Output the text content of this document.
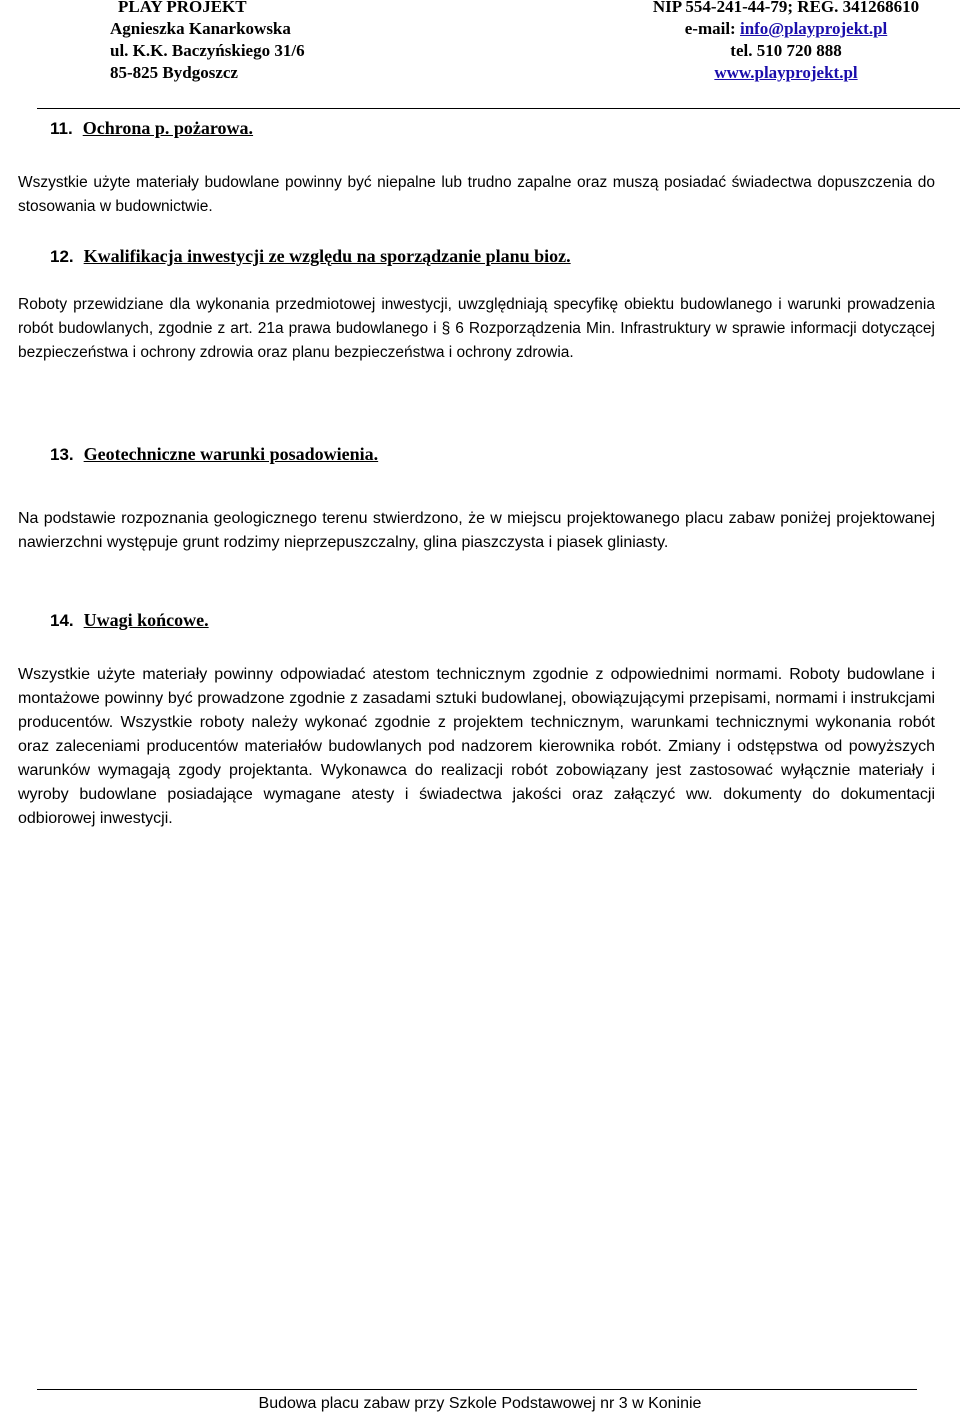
PLAY PROJEKT
Agnieszka Kanarkowska
ul. K.K. Baczyńskiego 31/6
85-825 Bydgoszcz
NIP 554-241-44-79; REG. 341268610
e-mail: info@playprojekt.pl
tel. 510 720 888
www.playprojekt.pl
11. Ochrona p. pożarowa.
Wszystkie użyte materiały budowlane powinny być niepalne lub trudno zapalne oraz muszą posiadać świadectwa dopuszczenia do stosowania w budownictwie.
12. Kwalifikacja inwestycji ze względu na sporządzanie planu bioz.
Roboty przewidziane dla wykonania przedmiotowej inwestycji, uwzględniają specyfikę obiektu budowlanego i warunki prowadzenia robót budowlanych, zgodnie z art. 21a prawa budowlanego i § 6 Rozporządzenia Min. Infrastruktury w sprawie informacji dotyczącej bezpieczeństwa i ochrony zdrowia oraz planu bezpieczeństwa i ochrony zdrowia.
13. Geotechniczne warunki posadowienia.
Na podstawie rozpoznania geologicznego terenu stwierdzono, że w miejscu projektowanego placu zabaw poniżej projektowanej nawierzchni występuje grunt rodzimy nieprzepuszczalny, glina piaszczysta i piasek gliniasty.
14. Uwagi końcowe.
Wszystkie użyte materiały powinny odpowiadać atestom technicznym zgodnie z odpowiednimi normami. Roboty budowlane i montażowe powinny być prowadzone zgodnie z zasadami sztuki budowlanej, obowiązującymi przepisami, normami i instrukcjami producentów. Wszystkie roboty należy wykonać zgodnie z projektem technicznym, warunkami technicznymi wykonania robót oraz zaleceniami producentów materiałów budowlanych pod nadzorem kierownika robót. Zmiany i odstępstwa od powyższych warunków wymagają zgody projektanta. Wykonawca do realizacji robót zobowiązany jest zastosować wyłącznie materiały i wyroby budowlane posiadające wymagane atesty i świadectwa jakości oraz załączyć ww. dokumenty do dokumentacji odbiorowej inwestycji.
Budowa placu zabaw przy Szkole Podstawowej nr 3 w Koninie
